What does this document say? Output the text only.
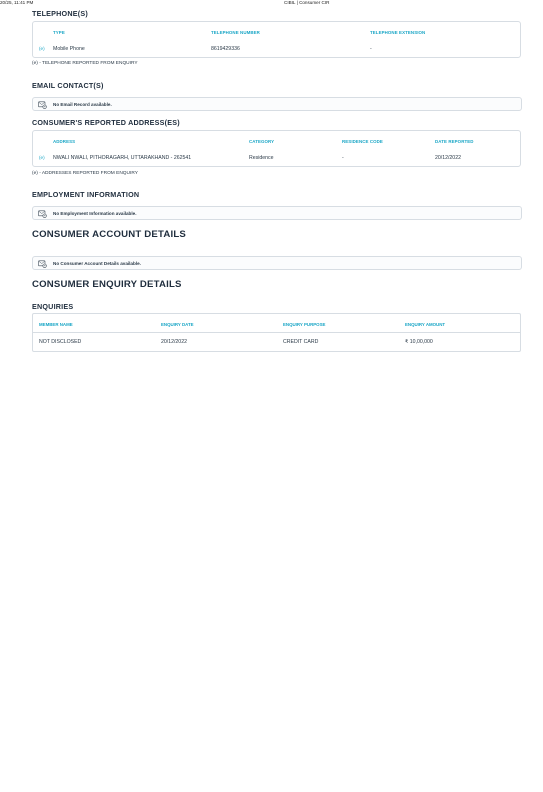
20/25, 11:41 PM	CIBIL | Consumer CIR
TELEPHONE(S)
TYPE	TELEPHONE NUMBER	TELEPHONE EXTENSION
(e) Mobile Phone	8619429336	-
(e) - TELEPHONE REPORTED FROM ENQUIRY
EMAIL CONTACT(S)
No Email Record available.
CONSUMER'S REPORTED ADDRESS(ES)
ADDRESS	CATEGORY	RESIDENCE CODE	DATE REPORTED
(e) NWALI NWALI, PITHORAGARH, UTTARAKHAND - 262541	Residence	-	20/12/2022
(e) - ADDRESSES REPORTED FROM ENQUIRY
EMPLOYMENT INFORMATION
No Employment Information available.
CONSUMER ACCOUNT DETAILS
No Consumer Account Details available.
CONSUMER ENQUIRY DETAILS
ENQUIRIES
MEMBER NAME	ENQUIRY DATE	ENQUIRY PURPOSE	ENQUIRY AMOUNT
NOT DISCLOSED	20/12/2022	CREDIT CARD	₹ 10,00,000
